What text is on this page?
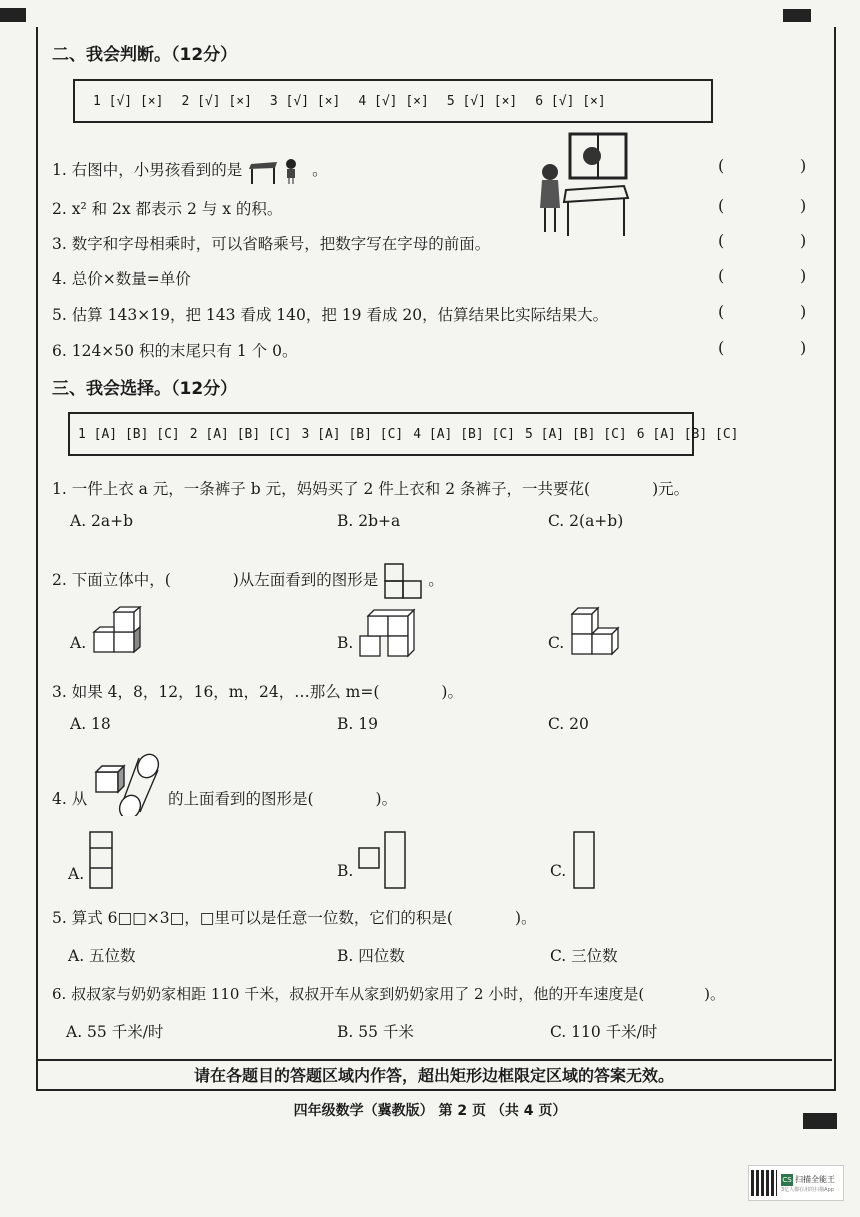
二、我会判断。（12分）
1 [√] [×] 2 [√] [×] 3 [√] [×] 4 [√] [×] 5 [√] [×] 6 [√] [×]
1. 右图中，小男孩看到的是	。
2. x² 和 2x 都表示 2 与 x 的积。
3. 数字和字母相乘时，可以省略乘号，把数字写在字母的前面。
4. 总价×数量=单价
5. 估算 143×19，把 143 看成 140，把 19 看成 20，估算结果比实际结果大。
6. 124×50 积的末尾只有 1 个 0。
(	)
(	)
(	)
(	)
(	)
(	)
三、我会选择。（12分）
1 [A] [B] [C] 2 [A] [B] [C] 3 [A] [B] [C] 4 [A] [B] [C] 5 [A] [B] [C] 6 [A] [B] [C]
1. 一件上衣 a 元，一条裤子 b 元，妈妈买了 2 件上衣和 2 条裤子，一共要花(　　　　)元。
A. 2a+b	B. 2b+a	C. 2(a+b)
2. 下面立体中，(　　　　)从左面看到的图形是	。
A.	B.	C.
3. 如果 4，8，12，16，m，24，…那么 m=(　　　　)。
A. 18	B. 19	C. 20
4. 从	的上面看到的图形是(　　　　)。
A.	B.	C.
5. 算式 6□□×3□，□里可以是任意一位数，它们的积是(　　　　)。
A. 五位数	B. 四位数	C. 三位数
6. 叔叔家与奶奶家相距 110 千米，叔叔开车从家到奶奶家用了 2 小时，他的开车速度是(　　　　)。
A. 55 千米/时	B. 55 千米	C. 110 千米/时
请在各题目的答题区域内作答，超出矩形边框限定区域的答案无效。
四年级数学（冀教版） 第 2 页 （共 4 页）
CS 扫描全能王
3亿人都在用的扫描App
